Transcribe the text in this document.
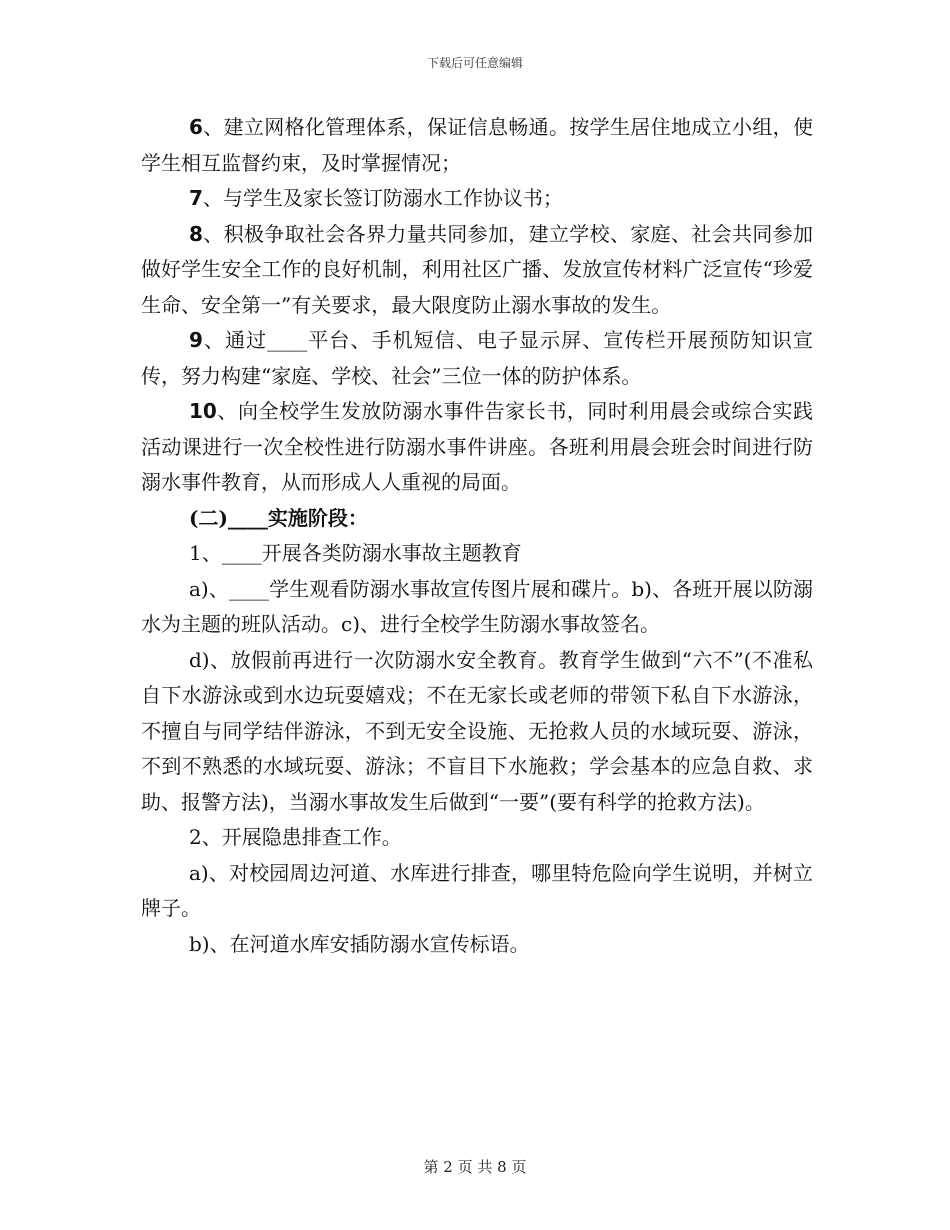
下载后可任意编辑

6、建立网格化管理体系，保证信息畅通。按学生居住地成立小组，使学生相互监督约束，及时掌握情况；

7、与学生及家长签订防溺水工作协议书；

8、积极争取社会各界力量共同参加，建立学校、家庭、社会共同参加做好学生安全工作的良好机制，利用社区广播、发放宣传材料广泛宣传“珍爱生命、安全第一”有关要求，最大限度防止溺水事故的发生。

9、通过____平台、手机短信、电子显示屏、宣传栏开展预防知识宣传，努力构建“家庭、学校、社会”三位一体的防护体系。

10、向全校学生发放防溺水事件告家长书，同时利用晨会或综合实践活动课进行一次全校性进行防溺水事件讲座。各班利用晨会班会时间进行防溺水事件教育，从而形成人人重视的局面。

(二)____实施阶段：

1、____开展各类防溺水事故主题教育

a)、____学生观看防溺水事故宣传图片展和碟片。b)、各班开展以防溺水为主题的班队活动。c)、进行全校学生防溺水事故签名。

d)、放假前再进行一次防溺水安全教育。教育学生做到“六不”(不准私自下水游泳或到水边玩耍嬉戏；不在无家长或老师的带领下私自下水游泳，不擅自与同学结伴游泳，不到无安全设施、无抢救人员的水域玩耍、游泳，不到不熟悉的水域玩耍、游泳；不盲目下水施救；学会基本的应急自救、求助、报警方法)，当溺水事故发生后做到“一要”(要有科学的抢救方法)。

2、开展隐患排查工作。

a)、对校园周边河道、水库进行排查，哪里特危险向学生说明，并树立牌子。

b)、在河道水库安插防溺水宣传标语。

第 2 页 共 8 页
